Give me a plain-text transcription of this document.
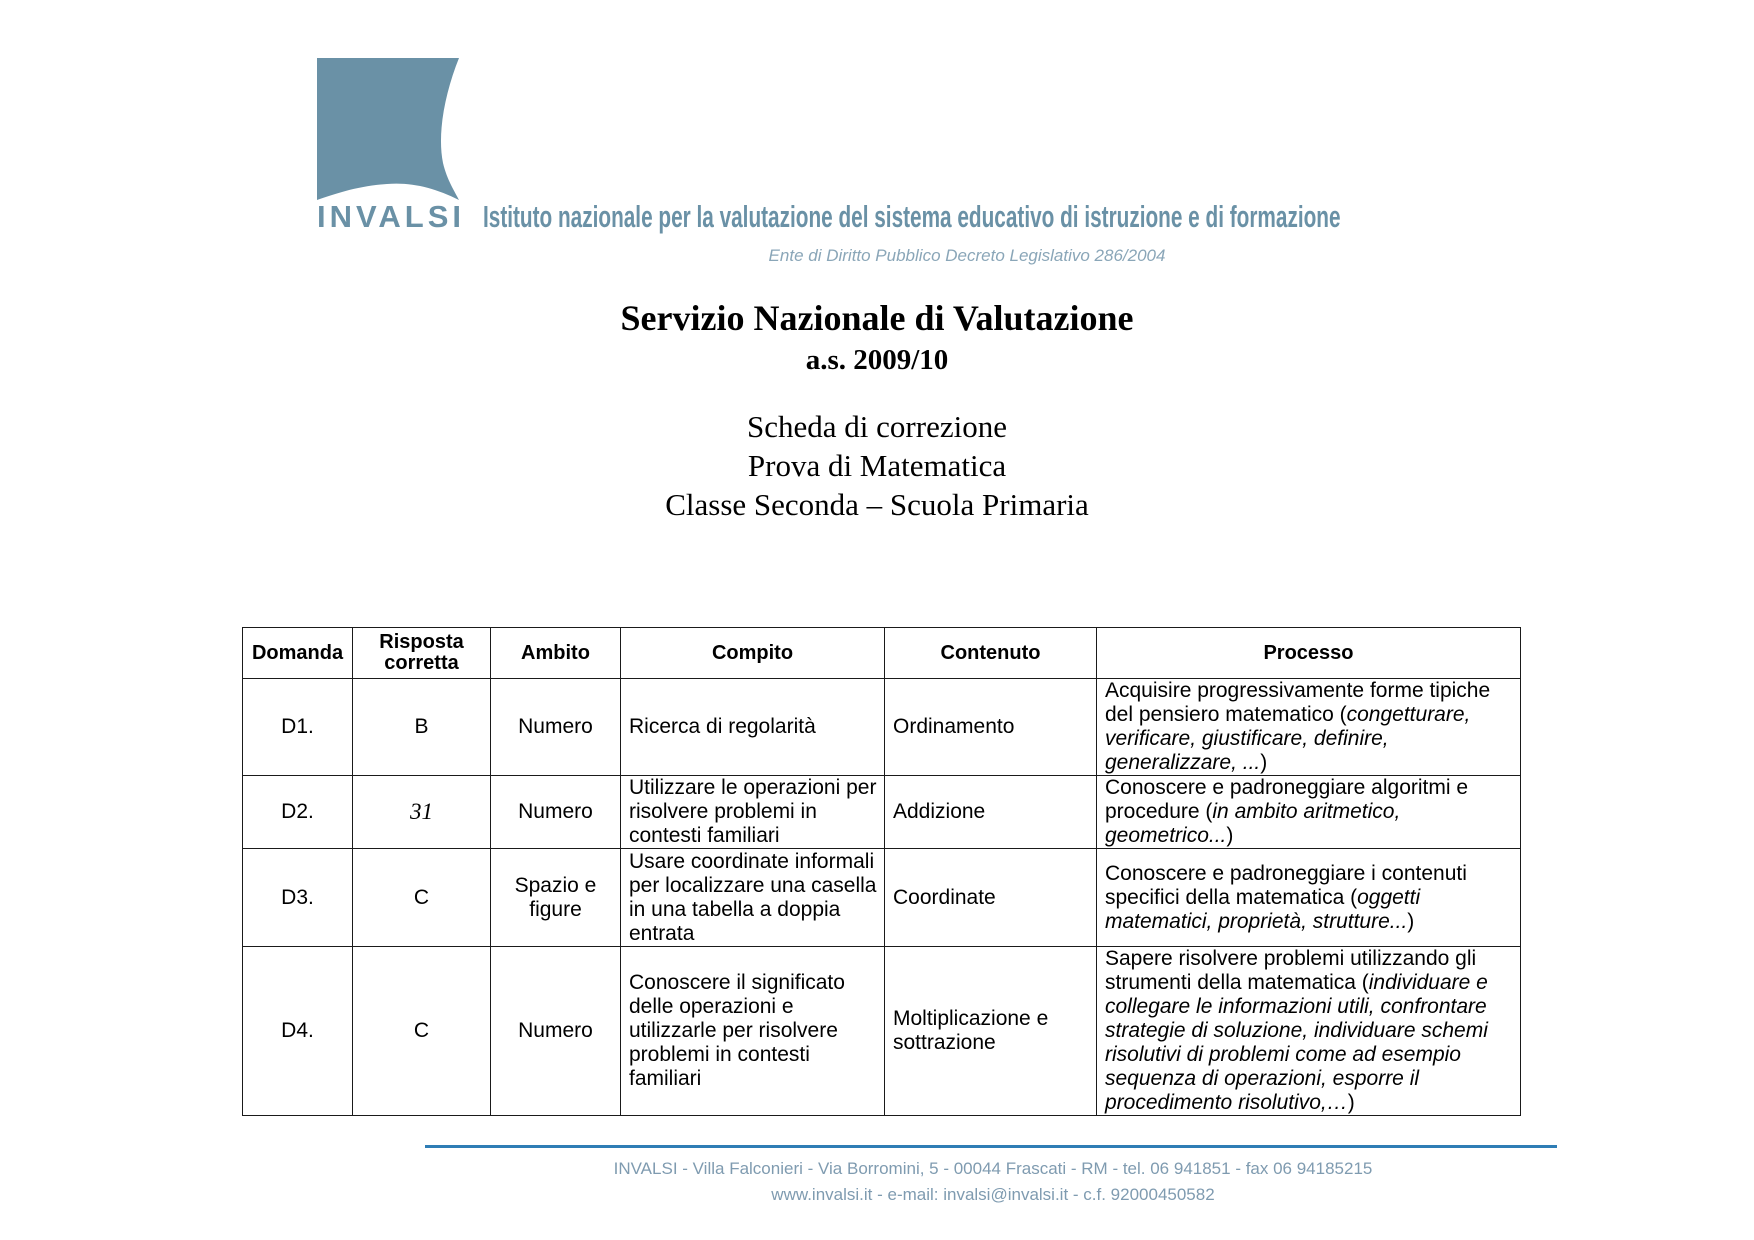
INVALSI Istituto nazionale per la valutazione del sistema educativo di istruzione e di formazione
Ente di Diritto Pubblico Decreto Legislativo 286/2004
Servizio Nazionale di Valutazione
a.s. 2009/10
Scheda di correzione
Prova di Matematica
Classe Seconda – Scuola Primaria
Domanda	Risposta corretta	Ambito	Compito	Contenuto	Processo
D1.	B	Numero	Ricerca di regolarità	Ordinamento	Acquisire progressivamente forme tipiche del pensiero matematico (congetturare, verificare, giustificare, definire, generalizzare, ...)
D2.	31	Numero	Utilizzare le operazioni per risolvere problemi in contesti familiari	Addizione	Conoscere e padroneggiare algoritmi e procedure (in ambito aritmetico, geometrico...)
D3.	C	Spazio e figure	Usare coordinate informali per localizzare una casella in una tabella a doppia entrata	Coordinate	Conoscere e padroneggiare i contenuti specifici della matematica (oggetti matematici, proprietà, strutture...)
D4.	C	Numero	Conoscere il significato delle operazioni e utilizzarle per risolvere problemi in contesti familiari	Moltiplicazione e sottrazione	Sapere risolvere problemi utilizzando gli strumenti della matematica (individuare e collegare le informazioni utili, confrontare strategie di soluzione, individuare schemi risolutivi di problemi come ad esempio sequenza di operazioni, esporre il procedimento risolutivo,…)
INVALSI - Villa Falconieri - Via Borromini, 5 - 00044 Frascati - RM - tel. 06 941851 - fax 06 94185215
www.invalsi.it - e-mail: invalsi@invalsi.it - c.f. 92000450582
